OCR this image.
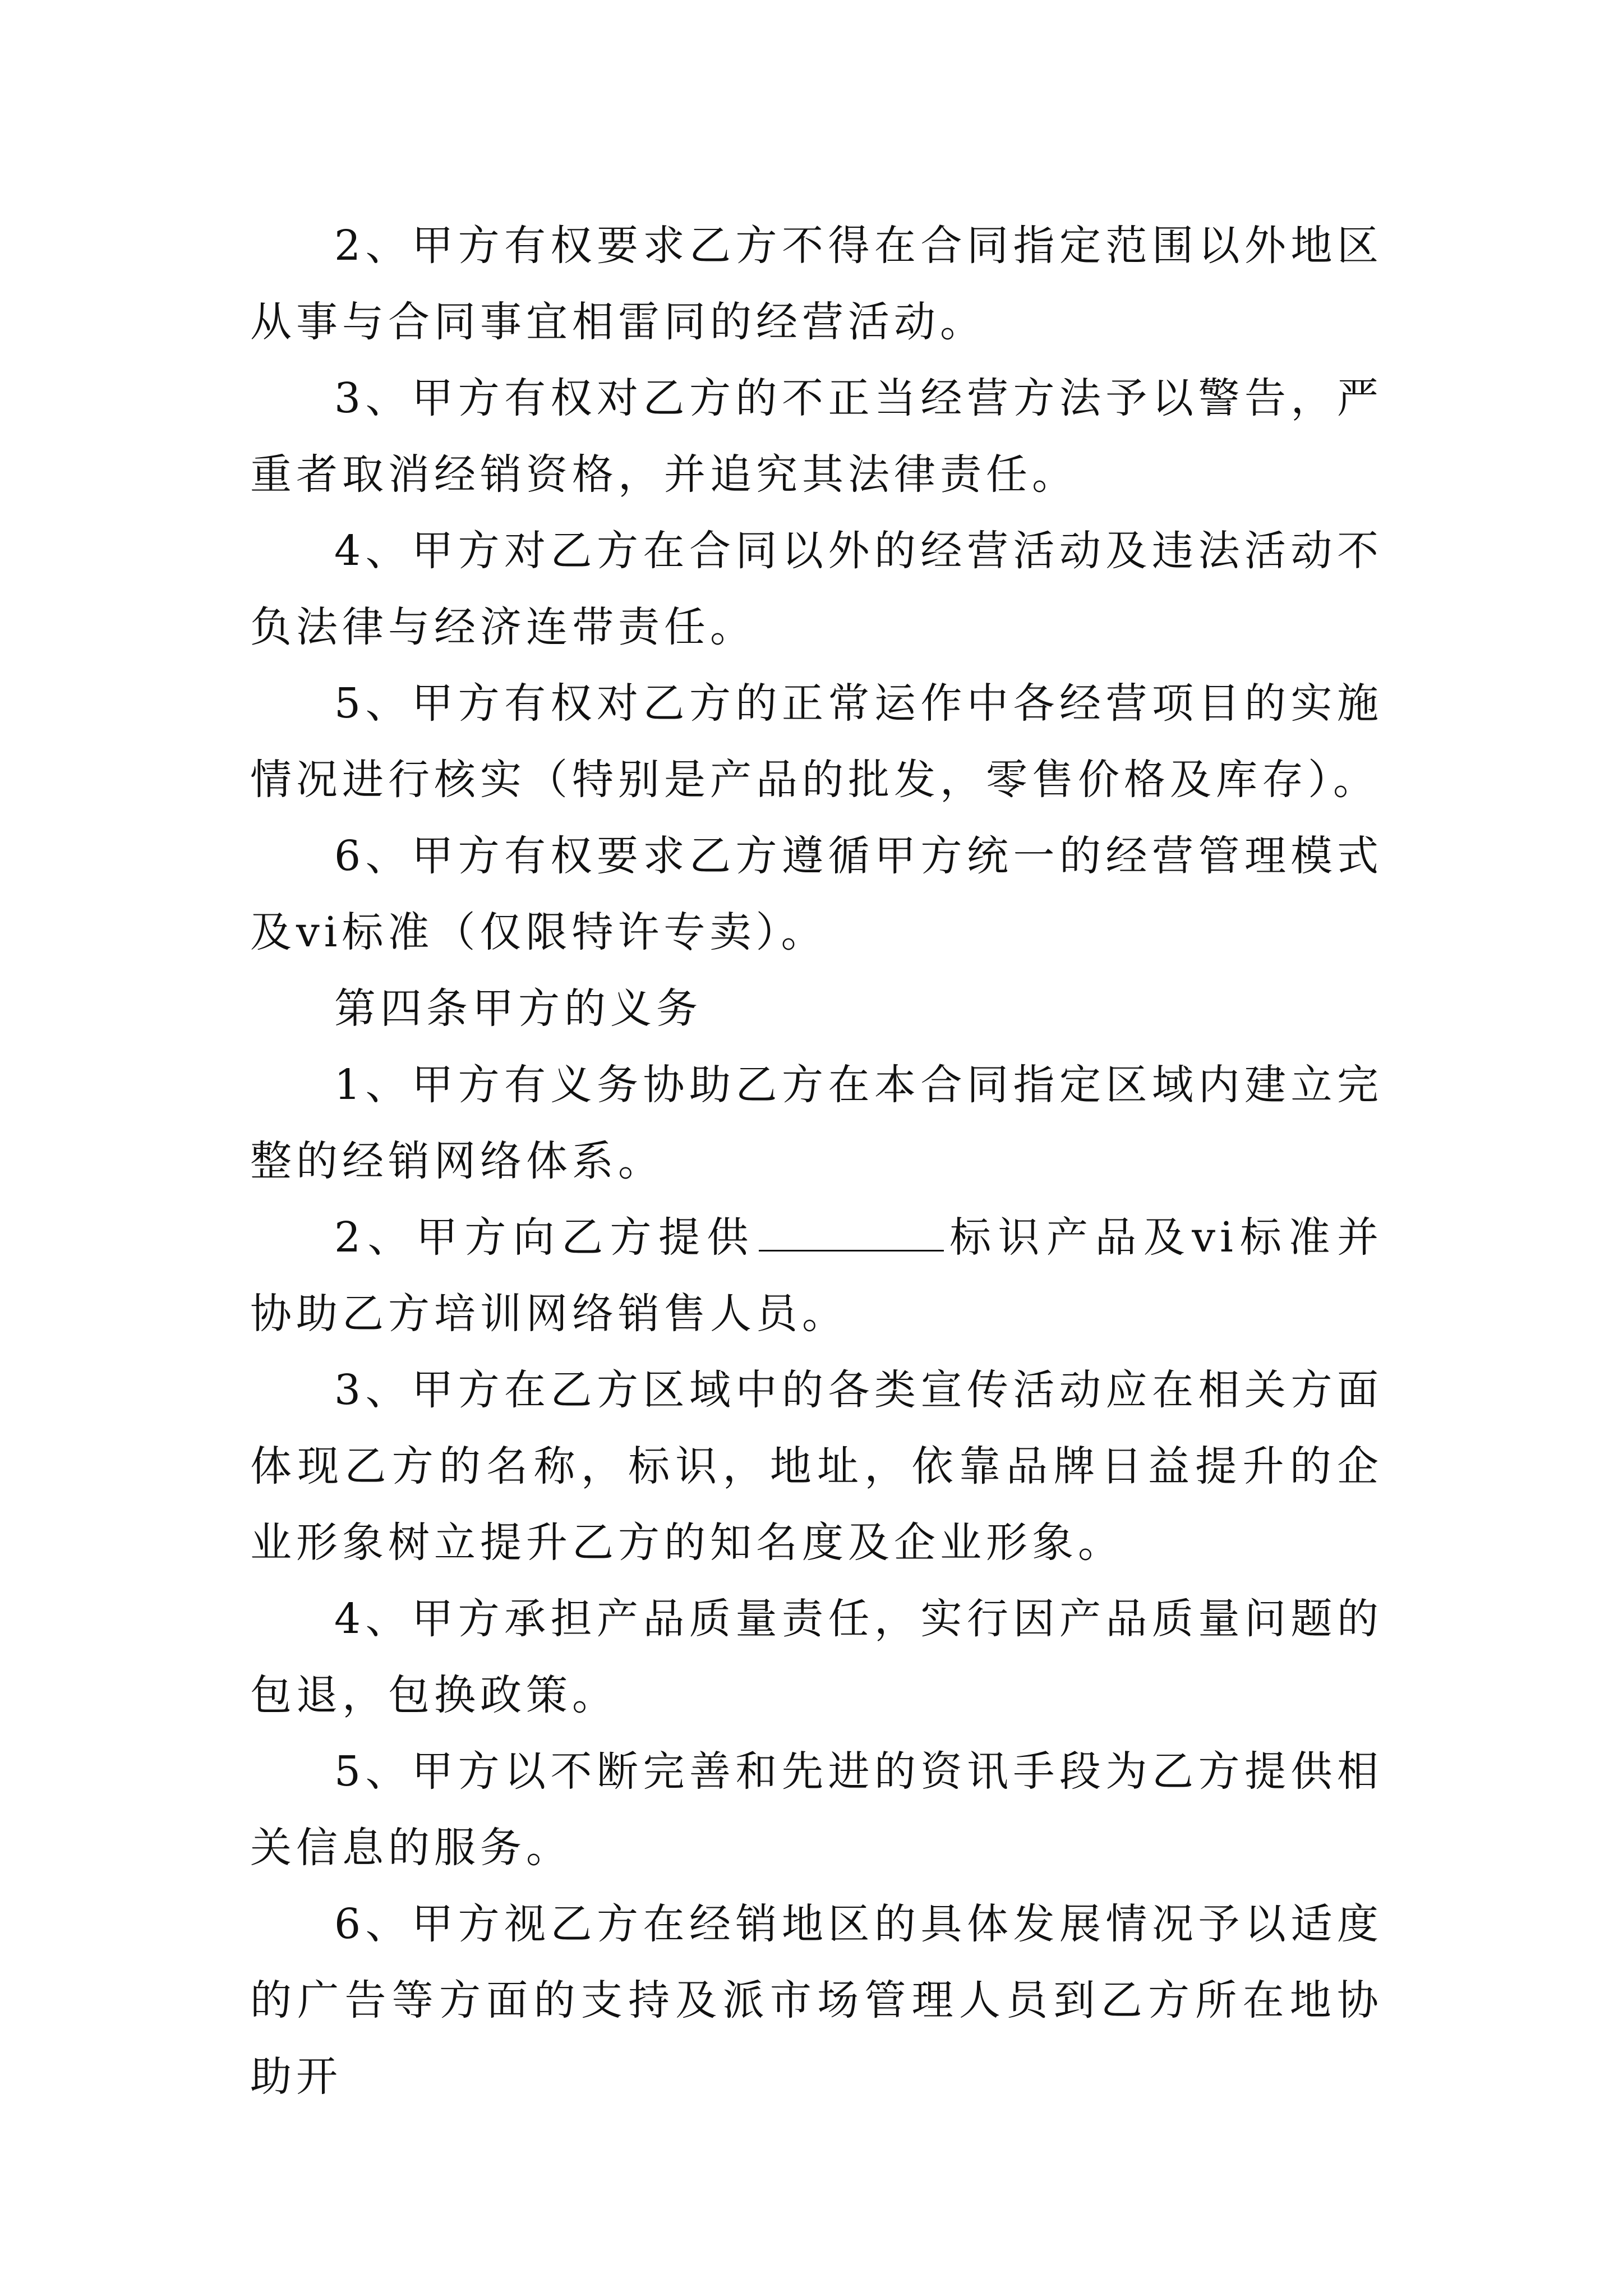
2、甲方有权要求乙方不得在合同指定范围以外地区从事与合同事宜相雷同的经营活动。

3、甲方有权对乙方的不正当经营方法予以警告，严重者取消经销资格，并追究其法律责任。

4、甲方对乙方在合同以外的经营活动及违法活动不负法律与经济连带责任。

5、甲方有权对乙方的正常运作中各经营项目的实施情况进行核实（特别是产品的批发，零售价格及库存）。

6、甲方有权要求乙方遵循甲方统一的经营管理模式及vi标准（仅限特许专卖）。

第四条甲方的义务

1、甲方有义务协助乙方在本合同指定区域内建立完整的经销网络体系。

2、甲方向乙方提供	标识产品及vi标准并协助乙方培训网络销售人员。

3、甲方在乙方区域中的各类宣传活动应在相关方面体现乙方的名称，标识，地址，依靠品牌日益提升的企业形象树立提升乙方的知名度及企业形象。

4、甲方承担产品质量责任，实行因产品质量问题的包退，包换政策。

5、甲方以不断完善和先进的资讯手段为乙方提供相关信息的服务。

6、甲方视乙方在经销地区的具体发展情况予以适度的广告等方面的支持及派市场管理人员到乙方所在地协助开
